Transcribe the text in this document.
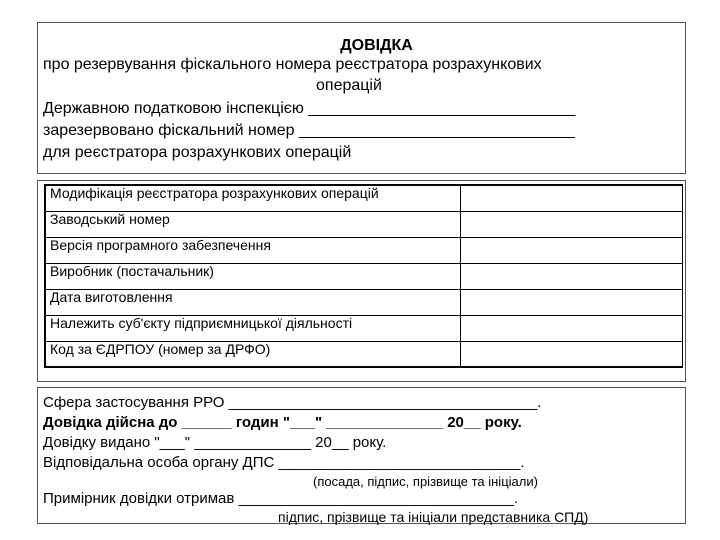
ДОВІДКА
про резервування фіскального номера реєстратора розрахункових
операцій
Державною податковою інспекцією ______________________________
зарезервовано фіскальний номер _______________________________
для реєстратора розрахункових операцій
Модифікація реєстратора розрахункових операцій	
Заводський номер	
Версія програмного забезпечення	
Виробник (постачальник)	
Дата виготовлення	
Належить суб'єкту підприємницької діяльності	
Код за ЄДРПОУ (номер за ДРФО)	
Сфера застосування РРО _____________________________________.
Довідка дійсна до ______ годин "___" ______________ 20__ року.
Довідку видано "___" ______________ 20__ року.
Відповідальна особа органу ДПС _____________________________.
(посада, підпис, прізвище та ініціали)
Примірник довідки отримав _________________________________.
підпис, прізвище та ініціали представника СПД)
